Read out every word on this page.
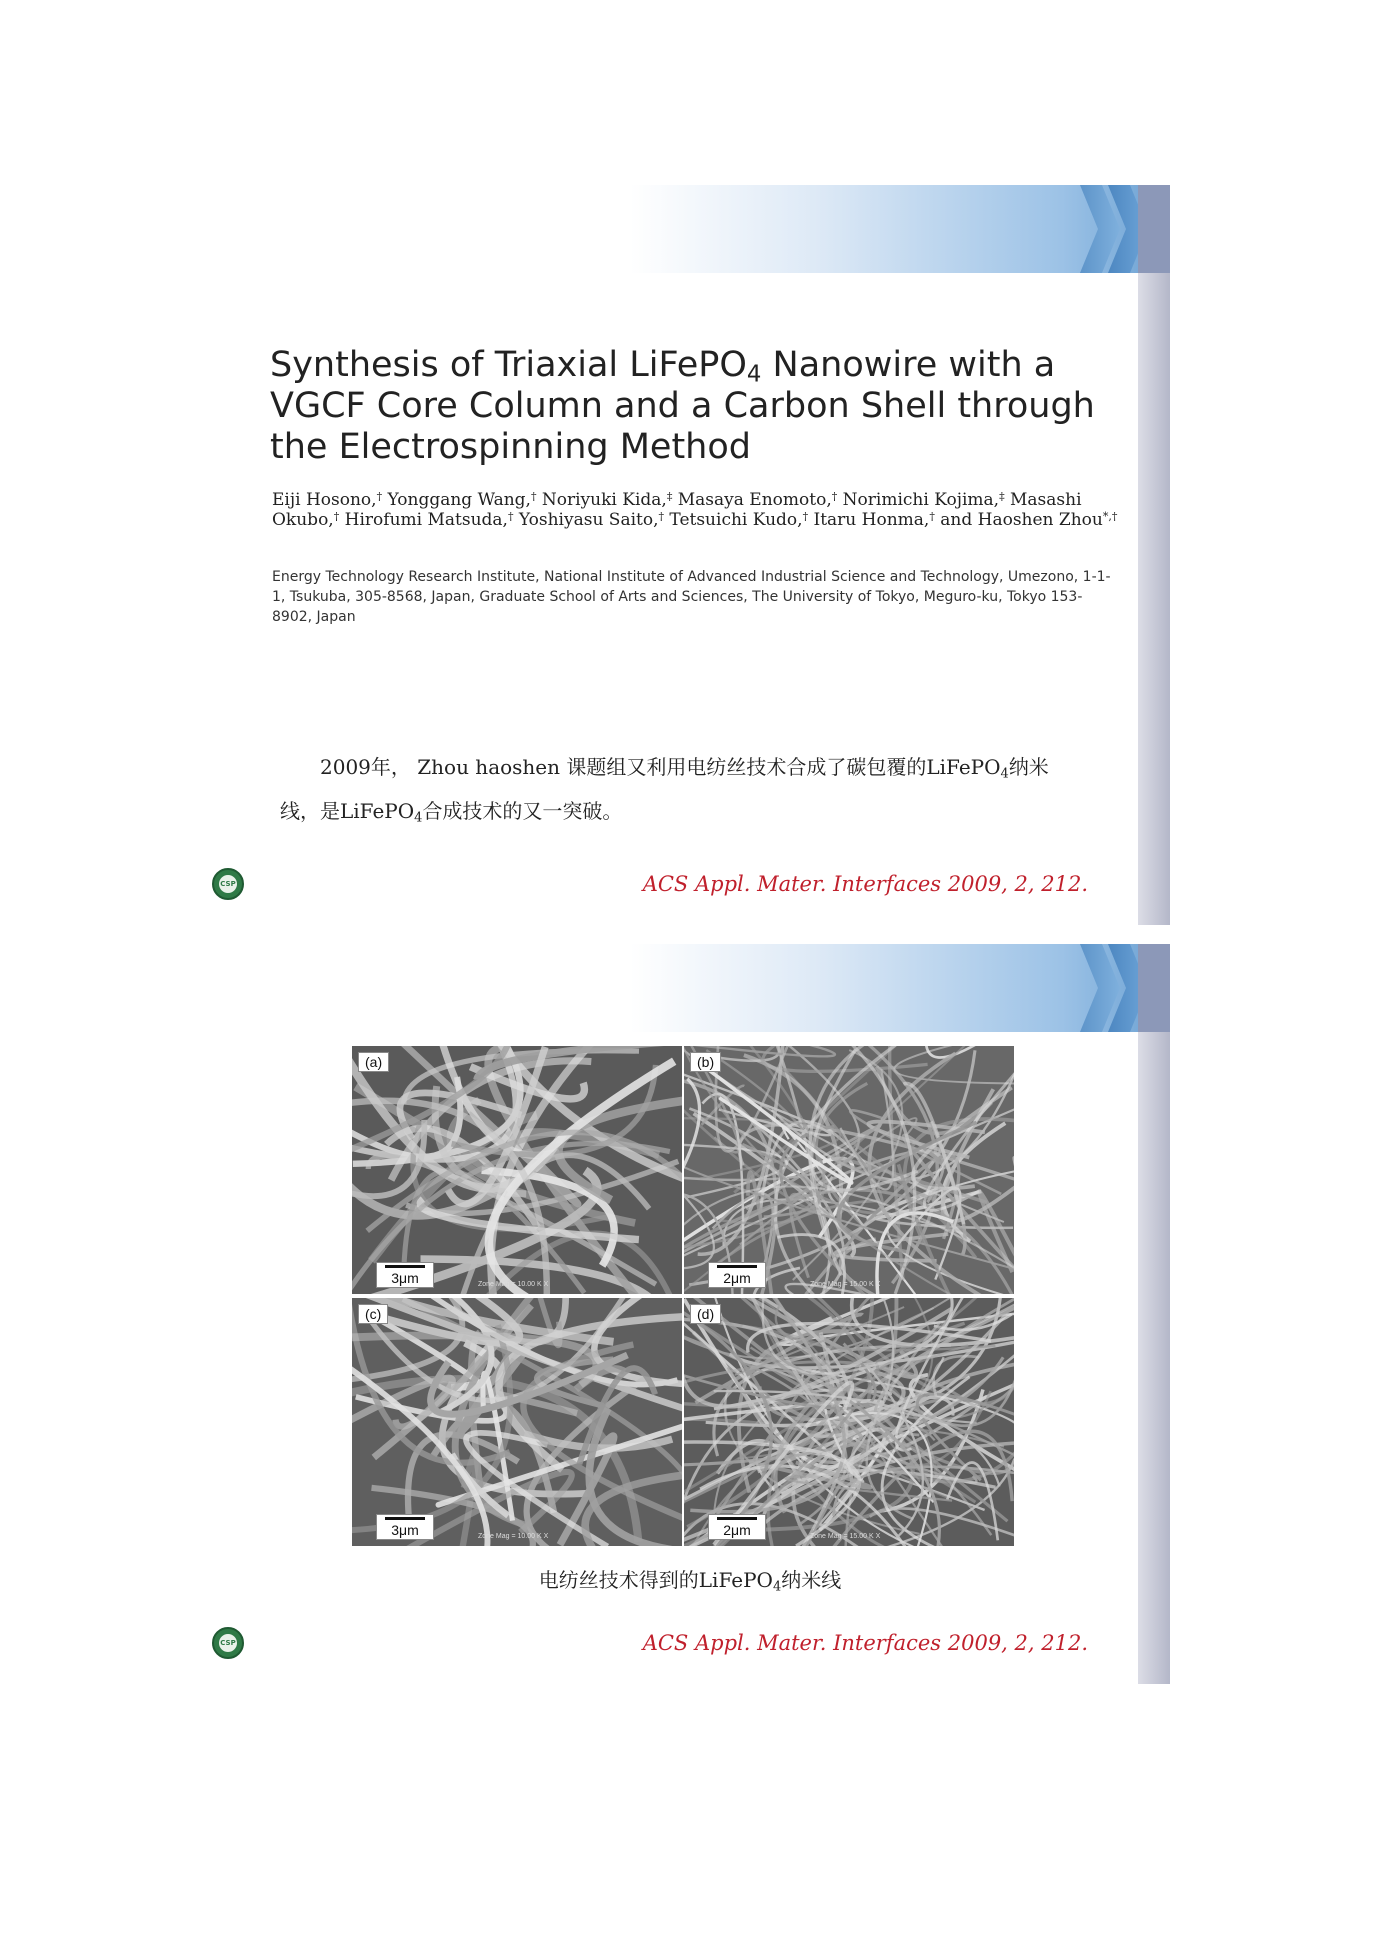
Synthesis of Triaxial LiFePO$_4$ Nanowire with a VGCF Core Column and a Carbon Shell through the Electrospinning Method
Eiji Hosono,† Yonggang Wang,† Noriyuki Kida,‡ Masaya Enomoto,† Norimichi Kojima,‡ Masashi Okubo,† Hirofumi Matsuda,† Yoshiyasu Saito,† Tetsuichi Kudo,† Itaru Honma,† and Haoshen Zhou*,†
Energy Technology Research Institute, National Institute of Advanced Industrial Science and Technology, Umezono, 1-1-1, Tsukuba, 305-8568, Japan, Graduate School of Arts and Sciences, The University of Tokyo, Meguro-ku, Tokyo 153-8902, Japan

2009年， Zhou haoshen 课题组又利用电纺丝技术合成了碳包覆的LiFePO$_4$纳米线，是LiFePO$_4$合成技术的又一突破。

CSP	ACS Appl. Mater. Interfaces 2009, 2, 212.
(a)
3μm	Zone Mag = 10.00 K X
(b)
2μm	Zone Mag = 15.00 K X
(c)
3μm	Zone Mag = 10.00 K X
(d)
2μm	Zone Mag = 15.00 K X
电纺丝技术得到的LiFePO$_4$纳米线
CSP	ACS Appl. Mater. Interfaces 2009, 2, 212.
